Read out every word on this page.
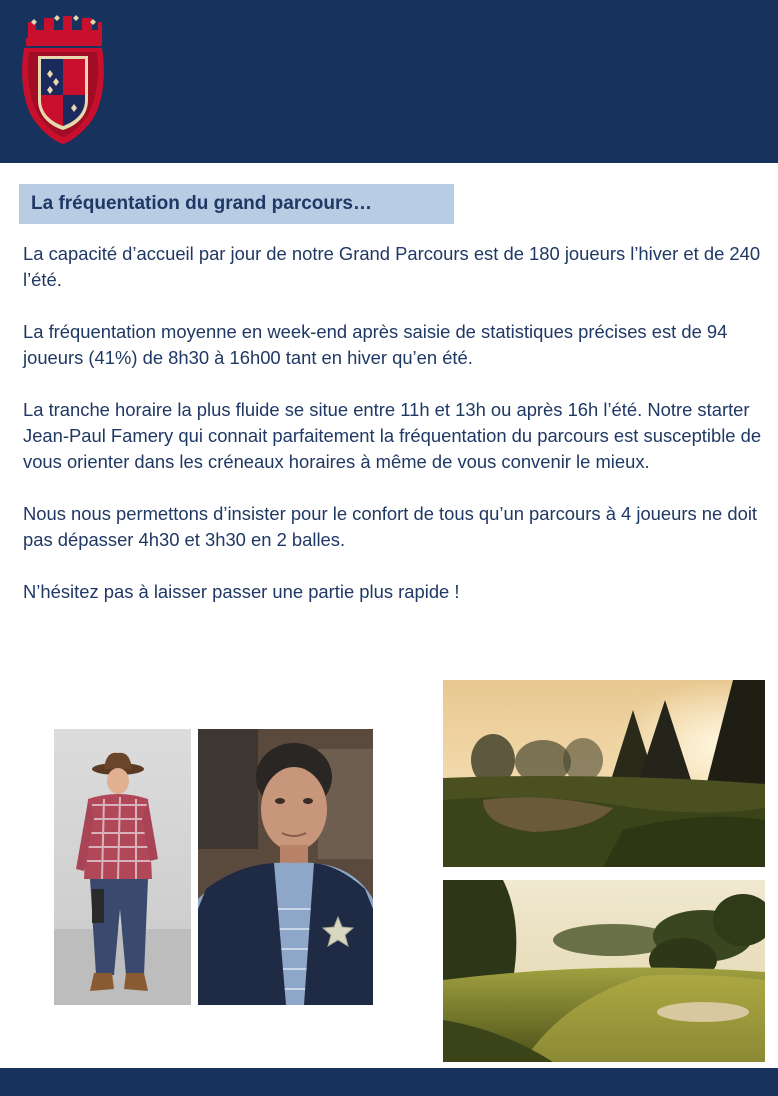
La fréquentation du grand parcours…

La capacité d’accueil par jour de notre Grand Parcours est de 180 joueurs l’hiver et de 240 l’été.

La fréquentation moyenne en week-end après saisie de statistiques précises est de 94 joueurs (41%) de 8h30 à 16h00 tant en hiver qu’en été.

La tranche horaire la plus fluide se situe entre 11h et 13h ou après 16h l’été. Notre starter Jean-Paul Famery qui connait parfaitement la fréquentation du parcours est susceptible de vous orienter dans les créneaux horaires à même de vous convenir le mieux.

Nous nous permettons d’insister pour le confort de tous qu’un parcours à 4 joueurs ne doit pas dépasser 4h30 et 3h30 en 2 balles.

N’hésitez pas à laisser passer une partie plus rapide !
